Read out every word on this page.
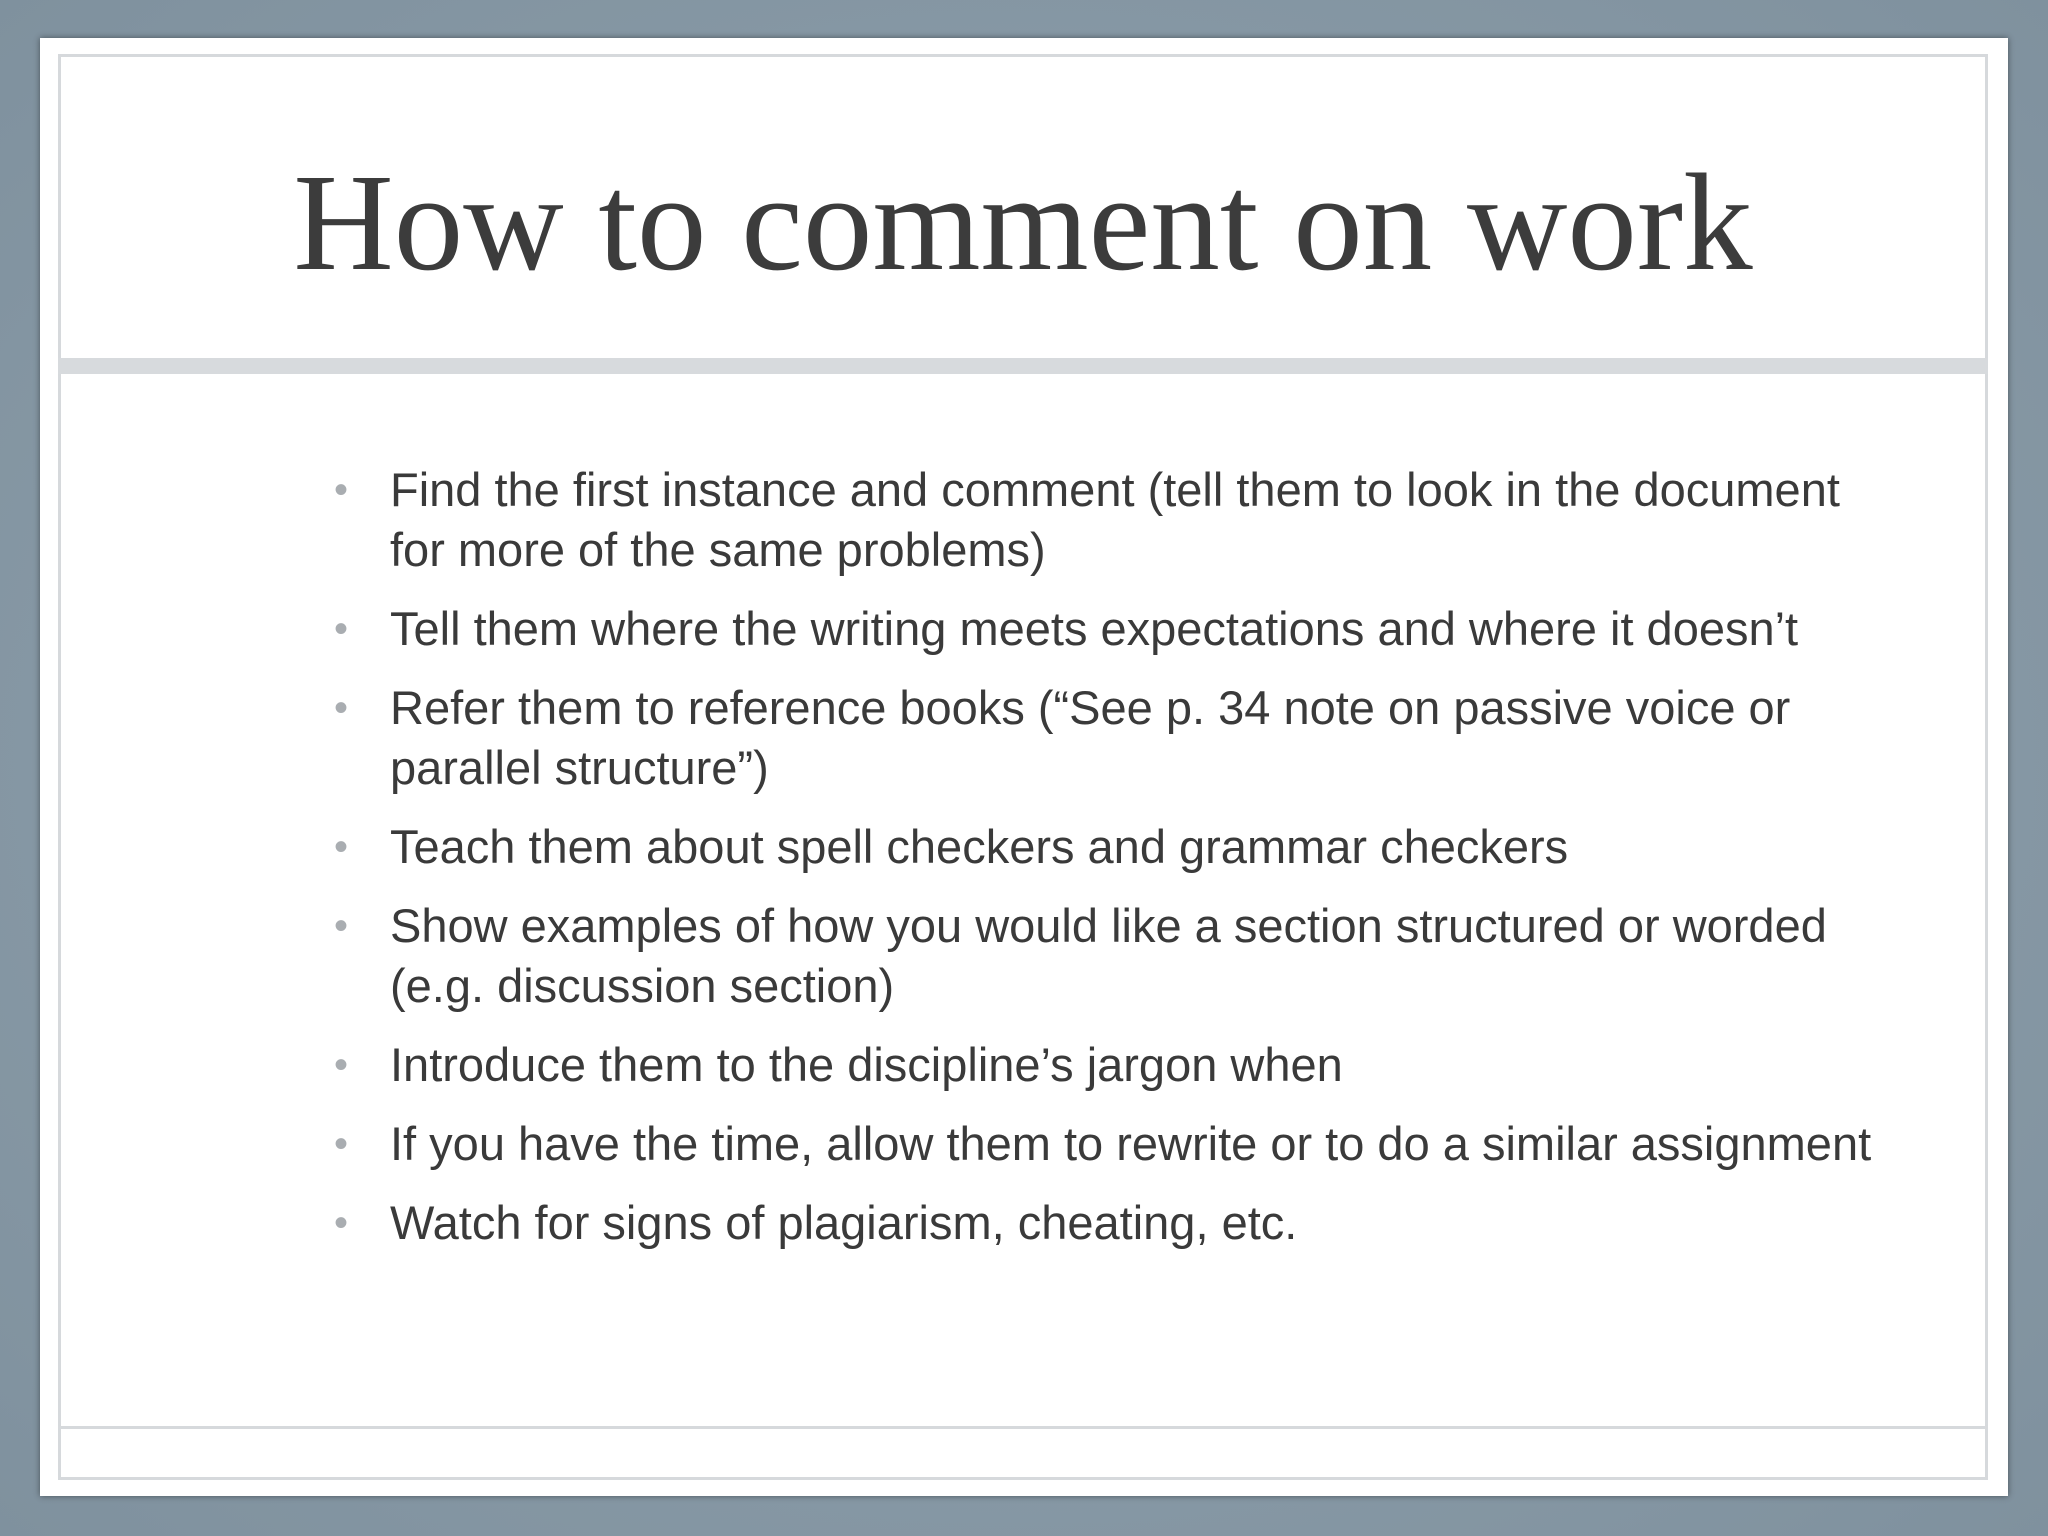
How to comment on work
• Find the first instance and comment (tell them to look in the document for more of the same problems)
• Tell them where the writing meets expectations and where it doesn’t
• Refer them to reference books (“See p. 34 note on passive voice or parallel structure”)
• Teach them about spell checkers and grammar checkers
• Show examples of how you would like a section structured or worded (e.g. discussion section)
• Introduce them to the discipline’s jargon when
• If you have the time, allow them to rewrite or to do a similar assignment
• Watch for signs of plagiarism, cheating, etc.
